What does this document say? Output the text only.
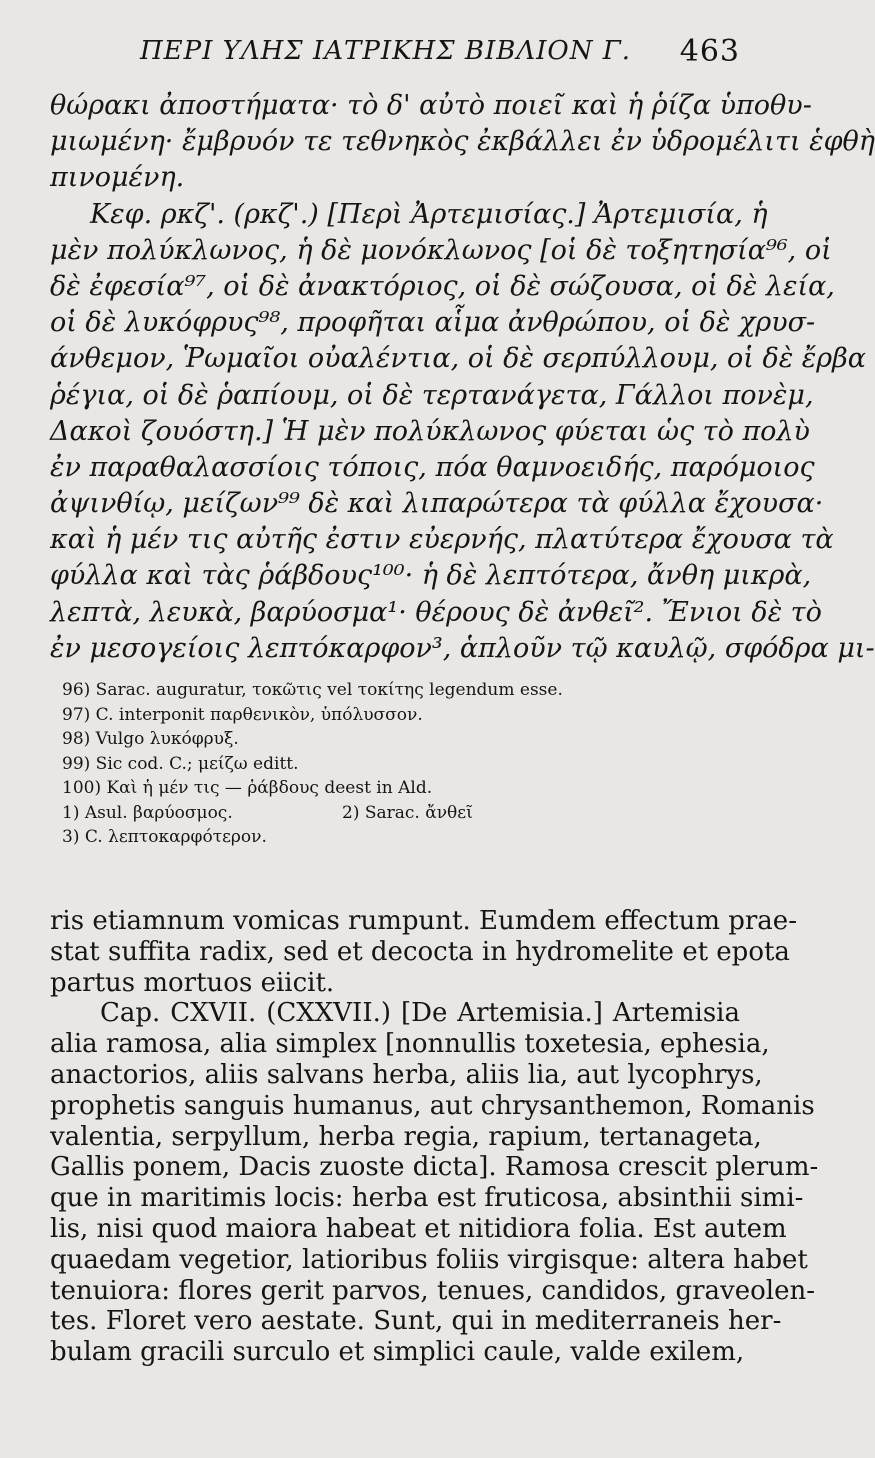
ΠΕΡΙ ΥΛΗΣ ΙΑΤΡΙΚΗΣ ΒΙΒΛΙΟΝ Γ. 463
θώρακι ἀποστήματα· τὸ δ' αὐτὸ ποιεῖ καὶ ἡ ῥίζα ὑποθυ-
μιωμένη· ἔμβρυόν τε τεθνηκὸς ἐκβάλλει ἐν ὑδρομέλιτι ἑφθὴ
πινομένη.
Κεφ. ρκζ'. (ρκζ'.) [Περὶ Ἀρτεμισίας.] Ἀρτεμισία, ἡ
μὲν πολύκλωνος, ἡ δὲ μονόκλωνος [οἱ δὲ τοξητησία⁹⁶, οἱ
δὲ ἐφεσία⁹⁷, οἱ δὲ ἀνακτόριος, οἱ δὲ σώζουσα, οἱ δὲ λεία,
οἱ δὲ λυκόφρυς⁹⁸, προφῆται αἷμα ἀνθρώπου, οἱ δὲ χρυσ-
άνθεμον, Ῥωμαῖοι οὐαλέντια, οἱ δὲ σερπύλλουμ, οἱ δὲ ἔρβα
ῥέγια, οἱ δὲ ῥαπίουμ, οἱ δὲ τερτανάγετα, Γάλλοι πονὲμ,
Δακοὶ ζουόστη.] Ἡ μὲν πολύκλωνος φύεται ὡς τὸ πολὺ
ἐν παραθαλασσίοις τόποις, πόα θαμνοειδής, παρόμοιος
ἀψινθίῳ, μείζων⁹⁹ δὲ καὶ λιπαρώτερα τὰ φύλλα ἔχουσα·
καὶ ἡ μέν τις αὐτῆς ἐστιν εὐερνής, πλατύτερα ἔχουσα τὰ
φύλλα καὶ τὰς ῥάβδους¹⁰⁰· ἡ δὲ λεπτότερα, ἄνθη μικρὰ,
λεπτὰ, λευκὰ, βαρύοσμα¹· θέρους δὲ ἀνθεῖ². Ἔνιοι δὲ τὸ
ἐν μεσογείοις λεπτόκαρφον³, ἁπλοῦν τῷ καυλῷ, σφόδρα μι-
96) Sarac. auguratur, τοκῶτις vel τοκίτης legendum esse.
97) C. interponit παρθενικὸν, ὑπόλυσσον.
98) Vulgo λυκόφρυξ.
99) Sic cod. C.; μείζω editt.
100) Καὶ ἡ μέν τις — ῥάβδους deest in Ald.
1) Asul. βαρύοσμος.	2) Sarac. ἄνθεῖ
3) C. λεπτοκαρφότερον.
ris etiamnum vomicas rumpunt. Eumdem effectum prae-
stat suffita radix, sed et decocta in hydromelite et epota
partus mortuos eiicit.
Cap. CXVII. (CXXVII.) [De Artemisia.] Artemisia
alia ramosa, alia simplex [nonnullis toxetesia, ephesia,
anactorios, aliis salvans herba, aliis lia, aut lycophrys,
prophetis sanguis humanus, aut chrysanthemon, Romanis
valentia, serpyllum, herba regia, rapium, tertanageta,
Gallis ponem, Dacis zuoste dicta]. Ramosa crescit plerum-
que in maritimis locis: herba est fruticosa, absinthii simi-
lis, nisi quod maiora habeat et nitidiora folia. Est autem
quaedam vegetior, latioribus foliis virgisque: altera habet
tenuiora: flores gerit parvos, tenues, candidos, graveolen-
tes. Floret vero aestate. Sunt, qui in mediterraneis her-
bulam gracili surculo et simplici caule, valde exilem,
